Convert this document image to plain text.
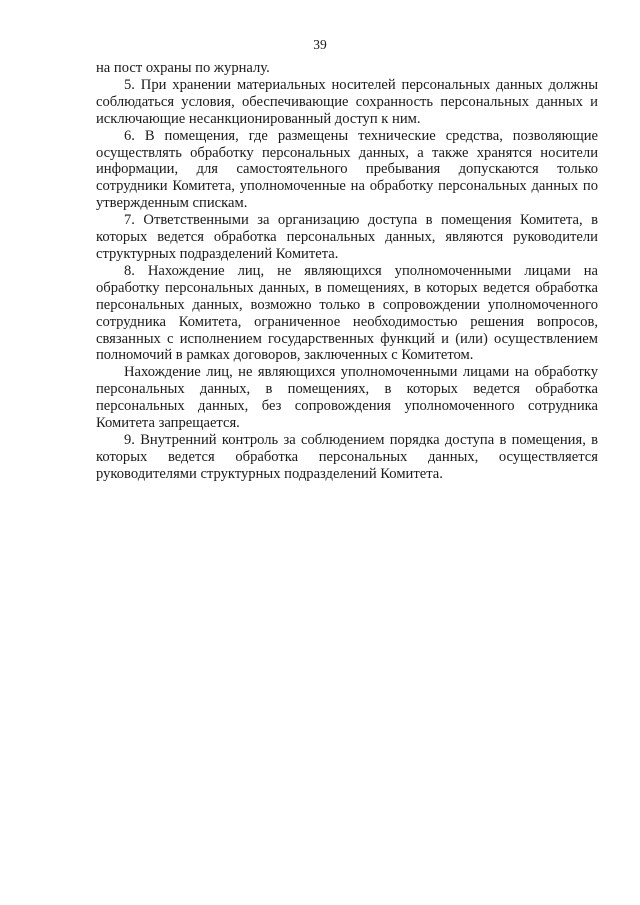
39

на пост охраны по журналу.

5. При хранении материальных носителей персональных данных должны соблюдаться условия, обеспечивающие сохранность персональных данных и исключающие несанкционированный доступ к ним.

6. В помещения, где размещены технические средства, позволяющие осуществлять обработку персональных данных, а также хранятся носители информации, для самостоятельного пребывания допускаются только сотрудники Комитета, уполномоченные на обработку персональных данных по утвержденным спискам.

7. Ответственными за организацию доступа в помещения Комитета, в которых ведется обработка персональных данных, являются руководители структурных подразделений Комитета.

8. Нахождение лиц, не являющихся уполномоченными лицами на обработку персональных данных, в помещениях, в которых ведется обработка персональных данных, возможно только в сопровождении уполномоченного сотрудника Комитета, ограниченное необходимостью решения вопросов, связанных с исполнением государственных функций и (или) осуществлением полномочий в рамках договоров, заключенных с Комитетом.

Нахождение лиц, не являющихся уполномоченными лицами на обработку персональных данных, в помещениях, в которых ведется обработка персональных данных, без сопровождения уполномоченного сотрудника Комитета запрещается.

9. Внутренний контроль за соблюдением порядка доступа в помещения, в которых ведется обработка персональных данных, осуществляется руководителями структурных подразделений Комитета.
